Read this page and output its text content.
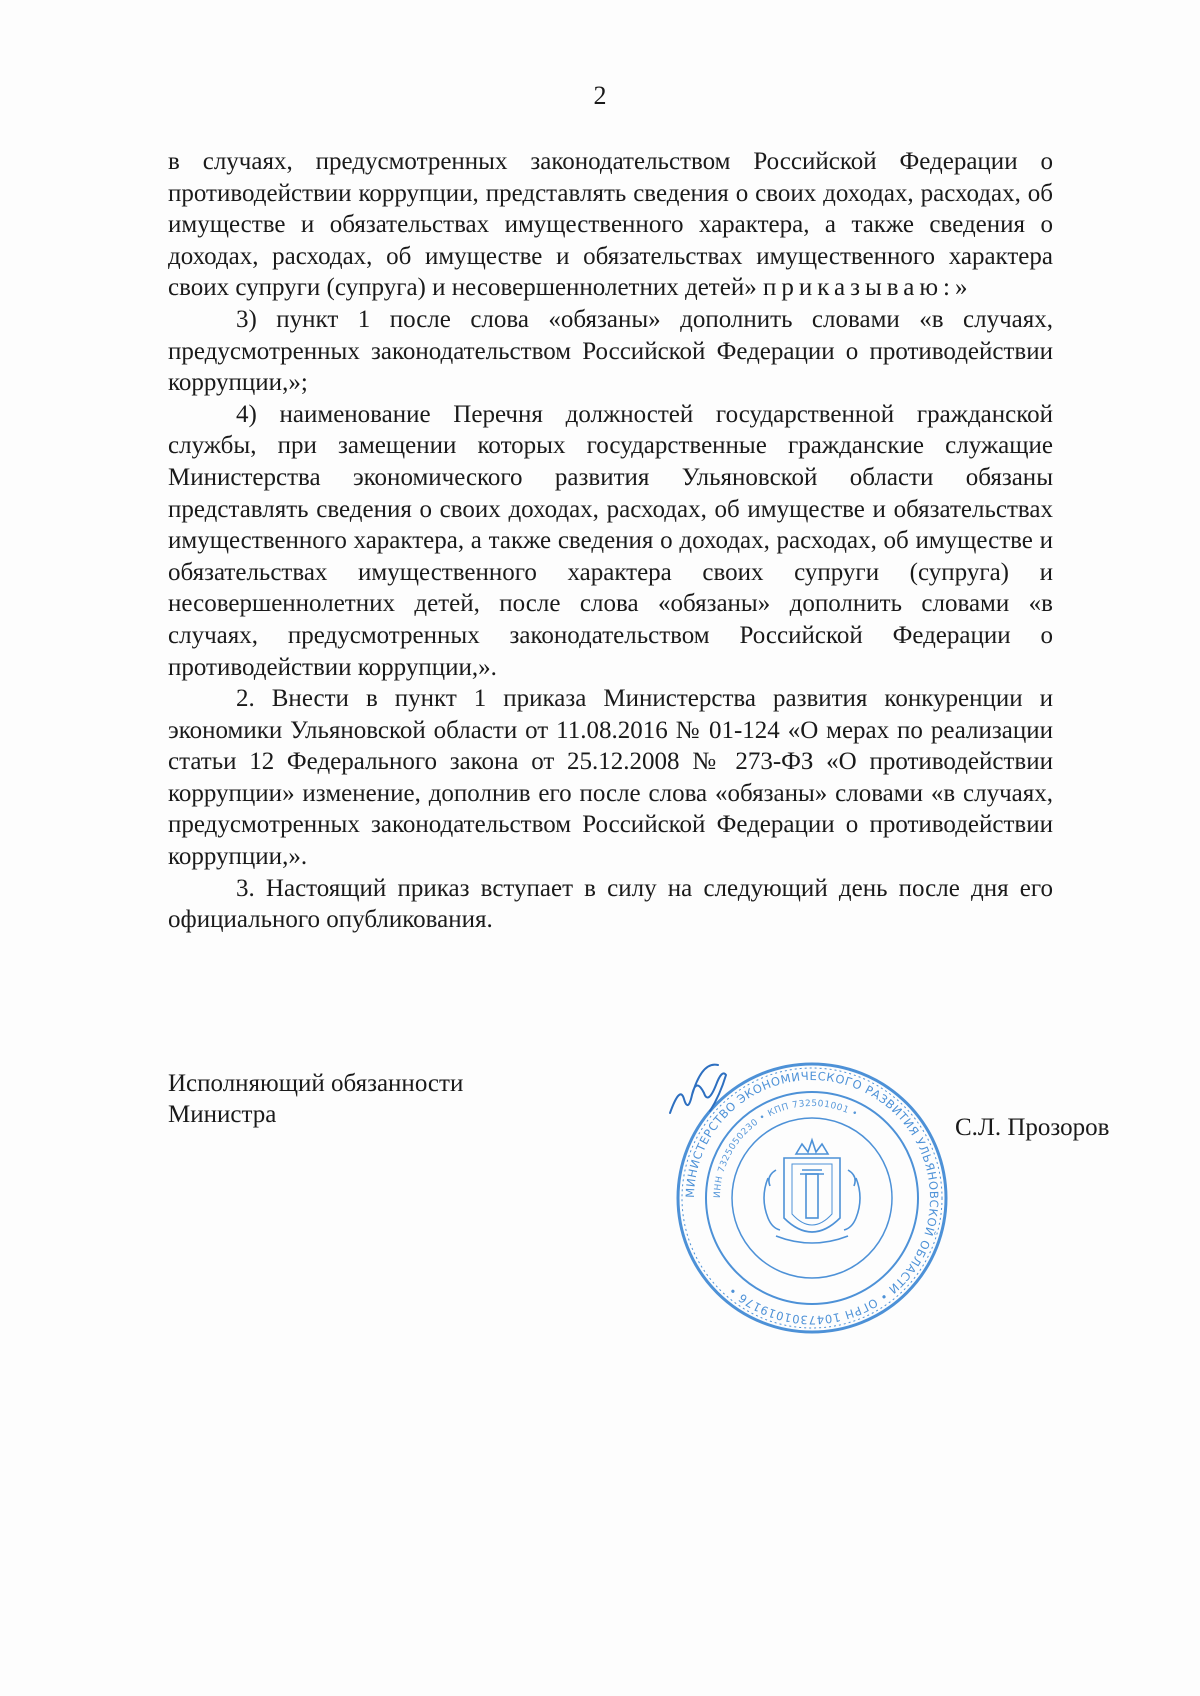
2

в случаях, предусмотренных законодательством Российской Федерации о противодействии коррупции, представлять сведения о своих доходах, расходах, об имуществе и обязательствах имущественного характера, а также сведения о доходах, расходах, об имуществе и обязательствах имущественного характера своих супруги (супруга) и несовершеннолетних детей» приказываю:»

3) пункт 1 после слова «обязаны» дополнить словами «в случаях, предусмотренных законодательством Российской Федерации о противодействии коррупции,»;

4) наименование Перечня должностей государственной гражданской службы, при замещении которых государственные гражданские служащие Министерства экономического развития Ульяновской области обязаны представлять сведения о своих доходах, расходах, об имуществе и обязательствах имущественного характера, а также сведения о доходах, расходах, об имуществе и обязательствах имущественного характера своих супруги (супруга) и несовершеннолетних детей, после слова «обязаны» дополнить словами «в случаях, предусмотренных законодательством Российской Федерации о противодействии коррупции,».

2. Внести в пункт 1 приказа Министерства развития конкуренции и экономики Ульяновской области от 11.08.2016 № 01-124 «О мерах по реализации статьи 12 Федерального закона от 25.12.2008 № 273-ФЗ «О противодействии коррупции» изменение, дополнив его после слова «обязаны» словами «в случаях, предусмотренных законодательством Российской Федерации о противодействии коррупции,».

3. Настоящий приказ вступает в силу на следующий день после дня его официального опубликования.

Исполняющий обязанности
Министра
МИНИСТЕРСТВО ЭКОНОМИЧЕСКОГО РАЗВИТИЯ УЛЬЯНОВСКОЙ ОБЛАСТИ • ОГРН 1047301019176 •
ИНН 7325050230 • КПП 732501001 •	С.Л. Прозоров
